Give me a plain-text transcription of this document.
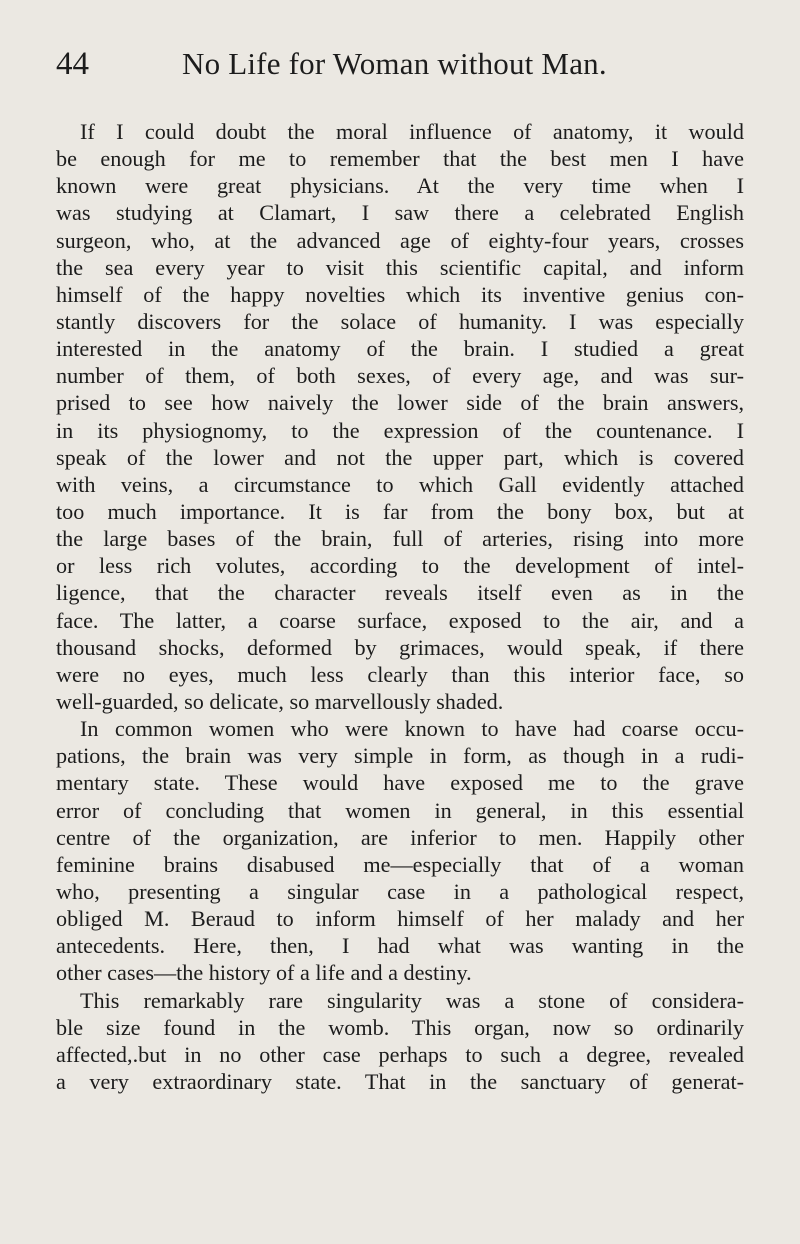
44	No Life for Woman without Man.
If I could doubt the moral influence of anatomy, it would
be enough for me to remember that the best men I have
known were great physicians. At the very time when I
was studying at Clamart, I saw there a celebrated English
surgeon, who, at the advanced age of eighty-four years, crosses
the sea every year to visit this scientific capital, and inform
himself of the happy novelties which its inventive genius con-
stantly discovers for the solace of humanity. I was especially
interested in the anatomy of the brain. I studied a great
number of them, of both sexes, of every age, and was sur-
prised to see how naively the lower side of the brain answers,
in its physiognomy, to the expression of the countenance. I
speak of the lower and not the upper part, which is covered
with veins, a circumstance to which Gall evidently attached
too much importance. It is far from the bony box, but at
the large bases of the brain, full of arteries, rising into more
or less rich volutes, according to the development of intel-
ligence, that the character reveals itself even as in the
face. The latter, a coarse surface, exposed to the air, and a
thousand shocks, deformed by grimaces, would speak, if there
were no eyes, much less clearly than this interior face, so
well-guarded, so delicate, so marvellously shaded.
In common women who were known to have had coarse occu-
pations, the brain was very simple in form, as though in a rudi-
mentary state. These would have exposed me to the grave
error of concluding that women in general, in this essential
centre of the organization, are inferior to men. Happily other
feminine brains disabused me—especially that of a woman
who, presenting a singular case in a pathological respect,
obliged M. Beraud to inform himself of her malady and her
antecedents. Here, then, I had what was wanting in the
other cases—the history of a life and a destiny.
This remarkably rare singularity was a stone of considera-
ble size found in the womb. This organ, now so ordinarily
affected,.but in no other case perhaps to such a degree, revealed
a very extraordinary state. That in the sanctuary of generat-
